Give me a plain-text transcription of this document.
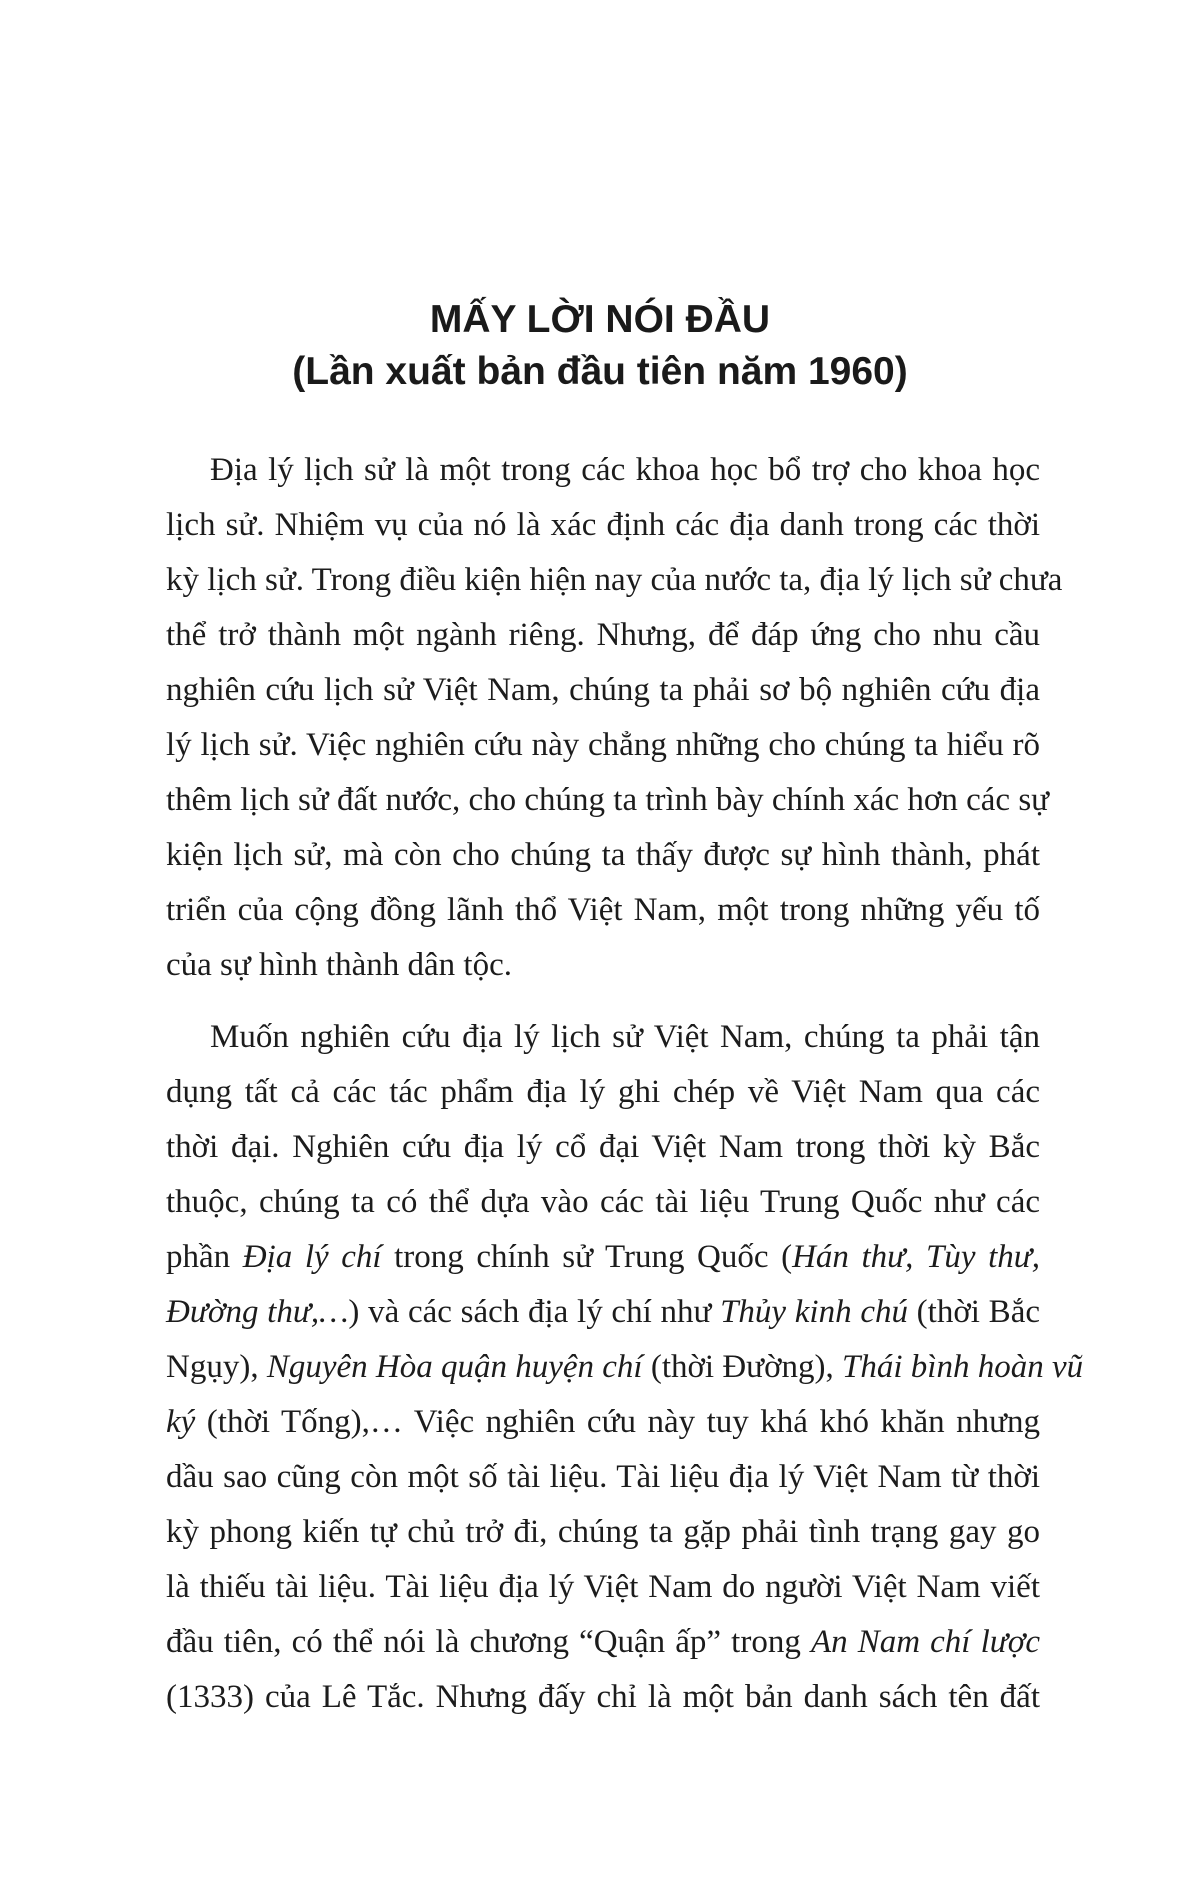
MẤY LỜI NÓI ĐẦU
(Lần xuất bản đầu tiên năm 1960)
Địa lý lịch sử là một trong các khoa học bổ trợ cho khoa học
lịch sử. Nhiệm vụ của nó là xác định các địa danh trong các thời
kỳ lịch sử. Trong điều kiện hiện nay của nước ta, địa lý lịch sử chưa
thể trở thành một ngành riêng. Nhưng, để đáp ứng cho nhu cầu
nghiên cứu lịch sử Việt Nam, chúng ta phải sơ bộ nghiên cứu địa
lý lịch sử. Việc nghiên cứu này chẳng những cho chúng ta hiểu rõ
thêm lịch sử đất nước, cho chúng ta trình bày chính xác hơn các sự
kiện lịch sử, mà còn cho chúng ta thấy được sự hình thành, phát
triển của cộng đồng lãnh thổ Việt Nam, một trong những yếu tố
của sự hình thành dân tộc.
Muốn nghiên cứu địa lý lịch sử Việt Nam, chúng ta phải tận
dụng tất cả các tác phẩm địa lý ghi chép về Việt Nam qua các
thời đại. Nghiên cứu địa lý cổ đại Việt Nam trong thời kỳ Bắc
thuộc, chúng ta có thể dựa vào các tài liệu Trung Quốc như các
phần Địa lý chí trong chính sử Trung Quốc (Hán thư, Tùy thư,
Đường thư,…) và các sách địa lý chí như Thủy kinh chú (thời Bắc
Ngụy), Nguyên Hòa quận huyện chí (thời Đường), Thái bình hoàn vũ
ký (thời Tống),… Việc nghiên cứu này tuy khá khó khăn nhưng
dầu sao cũng còn một số tài liệu. Tài liệu địa lý Việt Nam từ thời
kỳ phong kiến tự chủ trở đi, chúng ta gặp phải tình trạng gay go
là thiếu tài liệu. Tài liệu địa lý Việt Nam do người Việt Nam viết
đầu tiên, có thể nói là chương “Quận ấp” trong An Nam chí lược
(1333) của Lê Tắc. Nhưng đấy chỉ là một bản danh sách tên đất
